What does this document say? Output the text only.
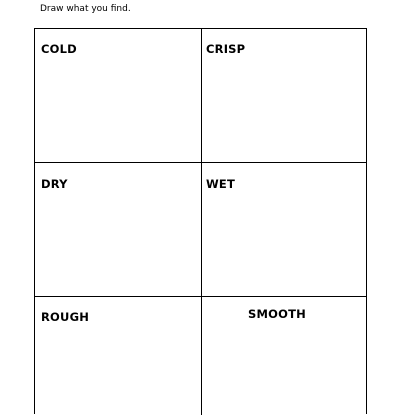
Draw what you find.
COLD	CRISP
DRY	WET
ROUGH	SMOOTH
